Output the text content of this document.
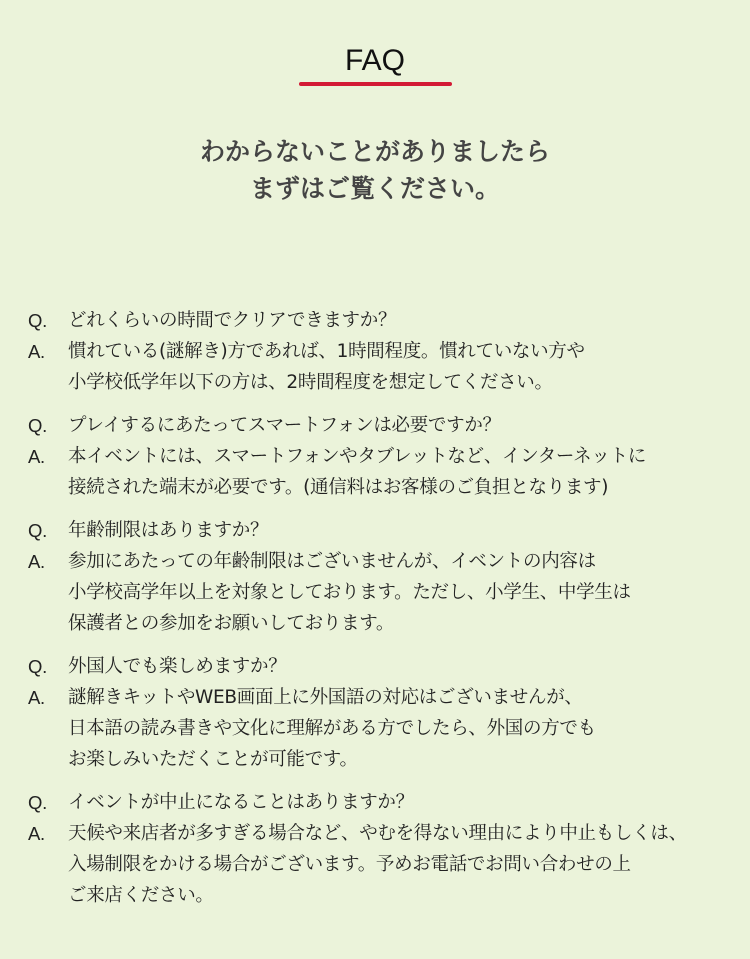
FAQ
わからないことがありましたら
まずはご覧ください。
Q.	どれくらいの時間でクリアできますか？
A.	慣れている(謎解き)方であれば、1時間程度。慣れていない方や
小学校低学年以下の方は、2時間程度を想定してください。
Q.	プレイするにあたってスマートフォンは必要ですか？
A.	本イベントには、スマートフォンやタブレットなど、インターネットに
接続された端末が必要です。(通信料はお客様のご負担となります)
Q.	年齢制限はありますか？
A.	参加にあたっての年齢制限はございませんが、イベントの内容は
小学校高学年以上を対象としております。ただし、小学生、中学生は
保護者との参加をお願いしております。
Q.	外国人でも楽しめますか？
A.	謎解きキットやWEB画面上に外国語の対応はございませんが、
日本語の読み書きや文化に理解がある方でしたら、外国の方でも
お楽しみいただくことが可能です。
Q.	イベントが中止になることはありますか？
A.	天候や来店者が多すぎる場合など、やむを得ない理由により中止もしくは、
入場制限をかける場合がございます。予めお電話でお問い合わせの上
ご来店ください。
